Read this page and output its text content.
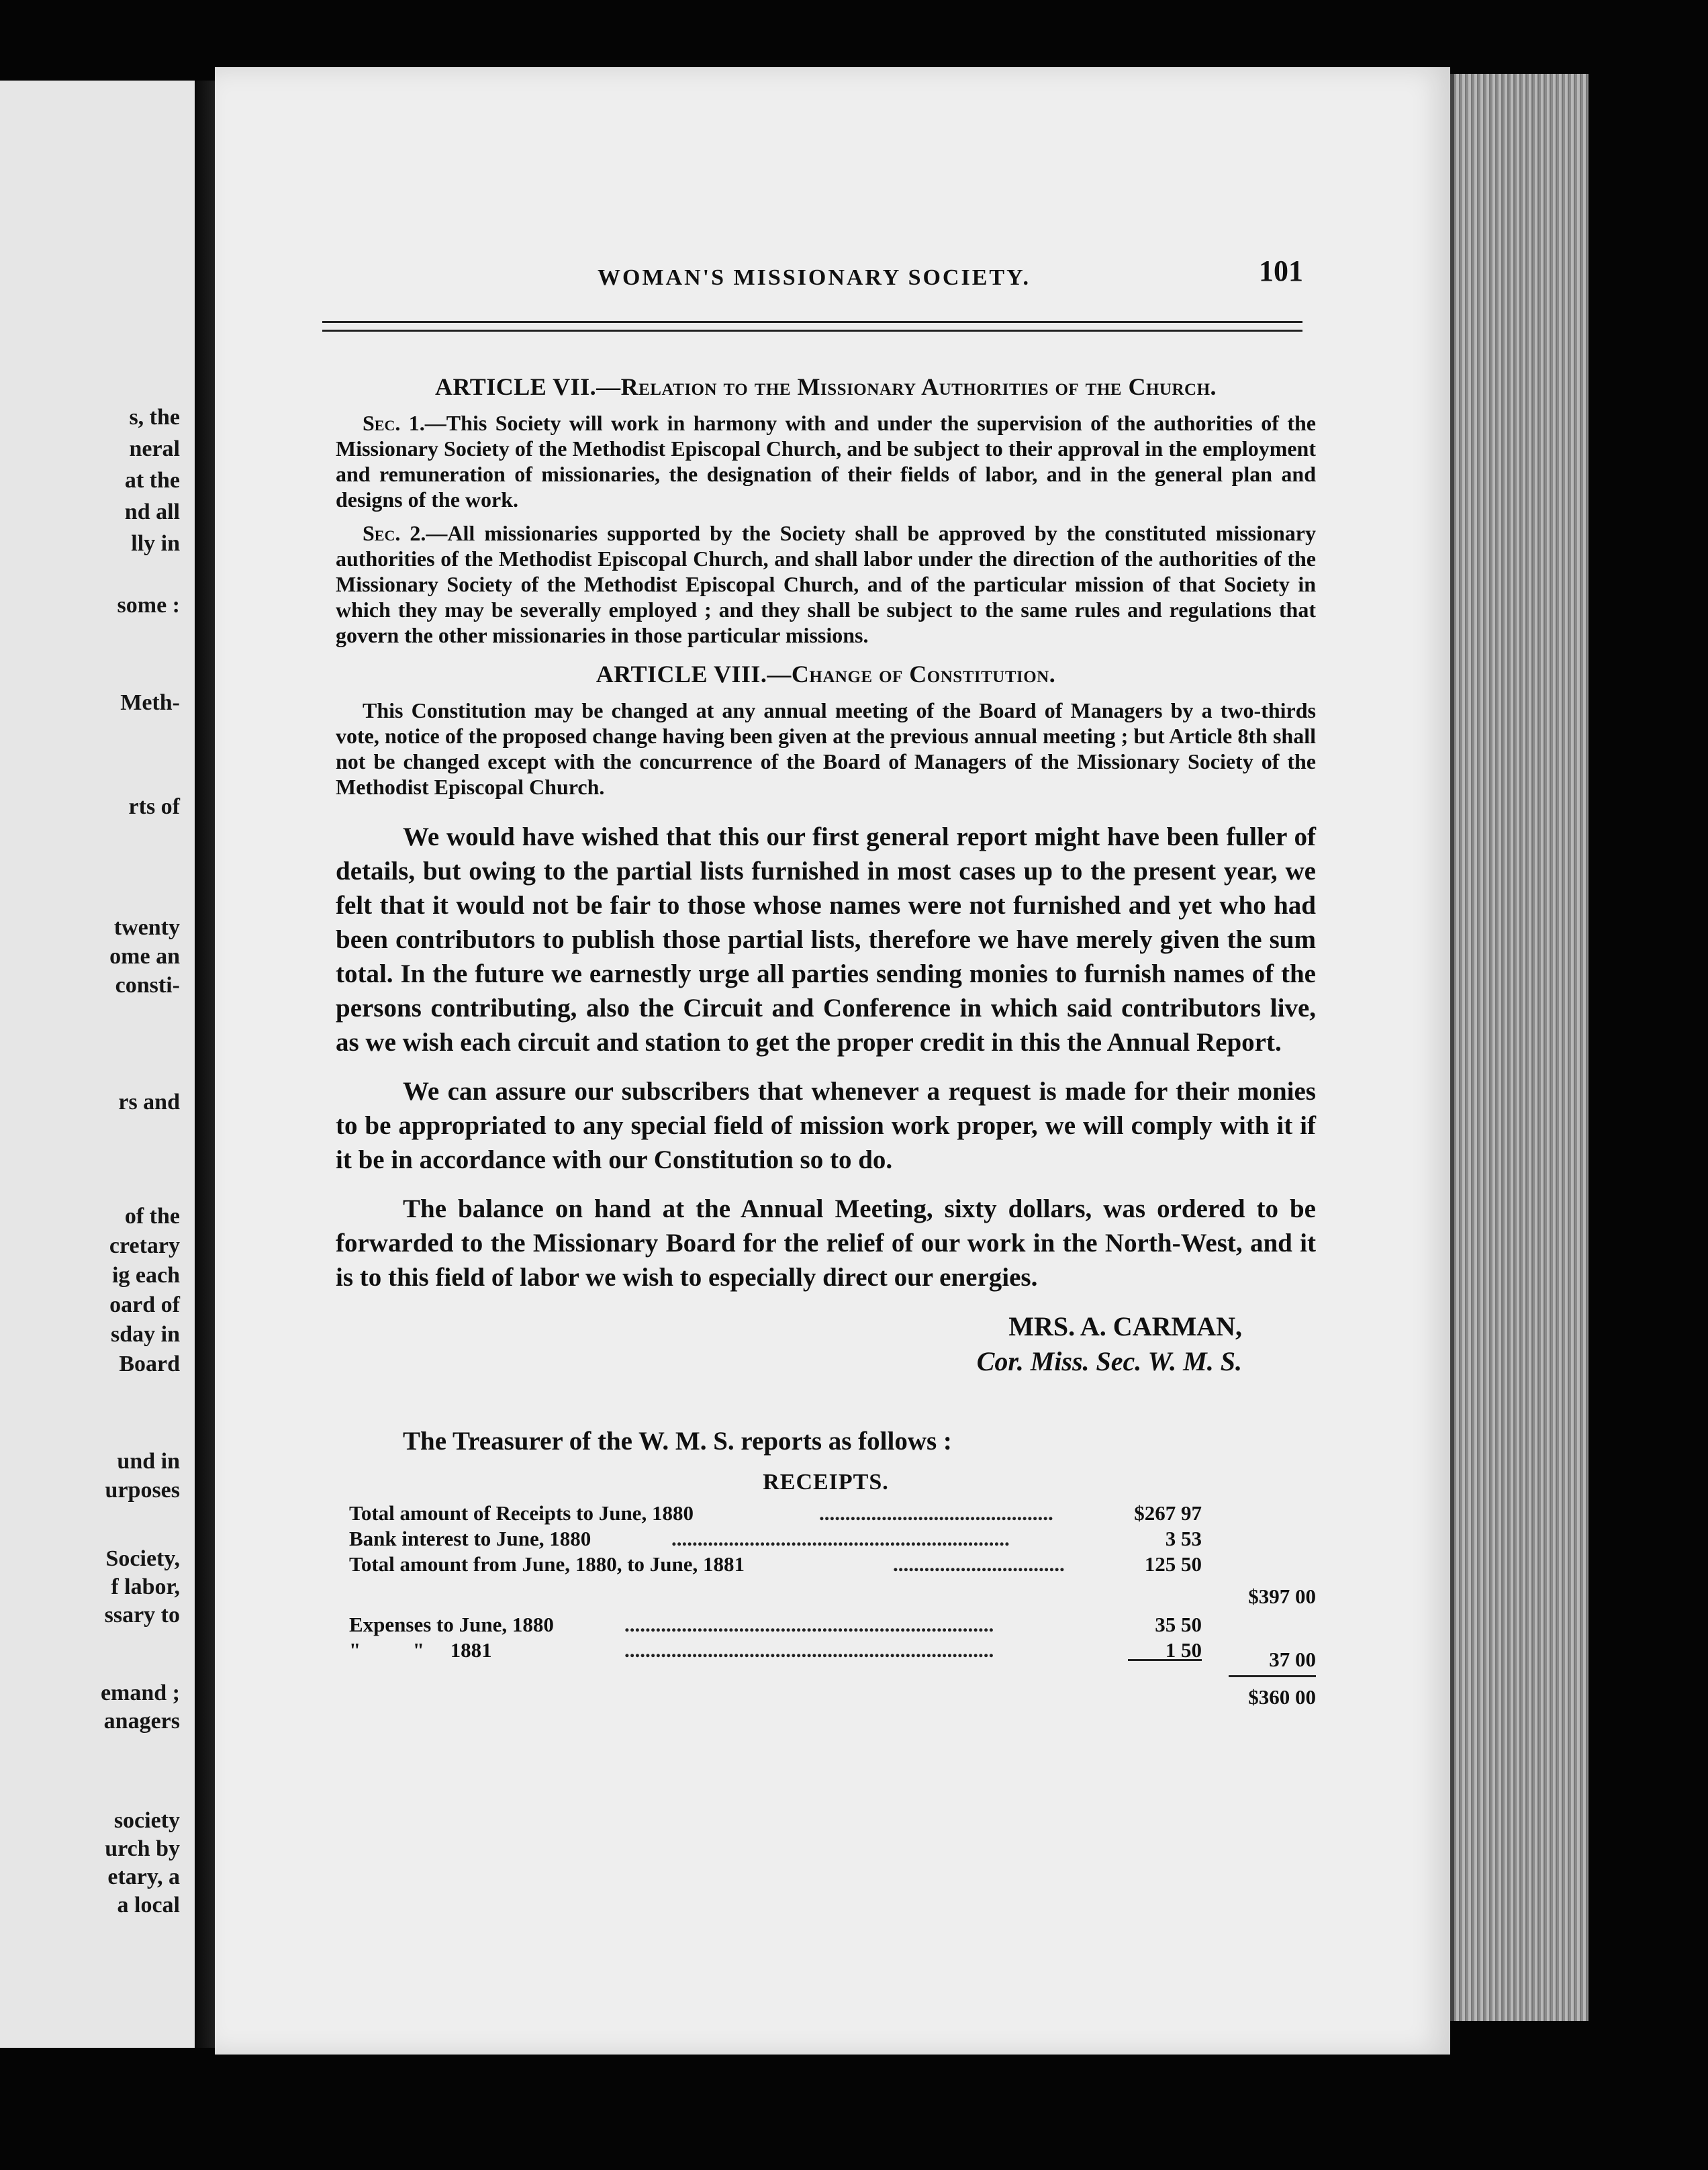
s, the
neral
at the
nd all
lly in
some :
Meth-
rts of
twenty
ome an
consti-
rs and
of the
cretary
ig each
oard of
sday in
Board
und in
urposes
Society,
f labor,
ssary to
emand ;
anagers
society
urch by
etary, a
a local
WOMAN'S MISSIONARY SOCIETY.	101
ARTICLE VII.—Relation to the Missionary Authorities of the Church.

Sec. 1.—This Society will work in harmony with and under the supervision of the authorities of the Missionary Society of the Methodist Episcopal Church, and be subject to their approval in the employment and remuneration of missionaries, the designation of their fields of labor, and in the general plan and designs of the work.

Sec. 2.—All missionaries supported by the Society shall be approved by the constituted missionary authorities of the Methodist Episcopal Church, and shall labor under the direction of the authorities of the Missionary Society of the Methodist Episcopal Church, and of the particular mission of that Society in which they may be severally employed ; and they shall be subject to the same rules and regulations that govern the other missionaries in those particular missions.

ARTICLE VIII.—Change of Constitution.

This Constitution may be changed at any annual meeting of the Board of Managers by a two-thirds vote, notice of the proposed change having been given at the previous annual meeting ; but Article 8th shall not be changed except with the concurrence of the Board of Managers of the Missionary Society of the Methodist Episcopal Church.

We would have wished that this our first general report might have been fuller of details, but owing to the partial lists furnished in most cases up to the present year, we felt that it would not be fair to those whose names were not furnished and yet who had been contributors to publish those partial lists, therefore we have merely given the sum total. In the future we earnestly urge all parties sending monies to furnish names of the persons contributing, also the Circuit and Conference in which said contributors live, as we wish each circuit and station to get the proper credit in this the Annual Report.

We can assure our subscribers that whenever a request is made for their monies to be appropriated to any special field of mission work proper, we will comply with it if it be in accordance with our Constitution so to do.

The balance on hand at the Annual Meeting, sixty dollars, was ordered to be forwarded to the Missionary Board for the relief of our work in the North-West, and it is to this field of labor we wish to especially direct our energies.

MRS. A. CARMAN,
Cor. Miss. Sec. W. M. S.
The Treasurer of the W. M. S. reports as follows :
RECEIPTS.
Total amount of Receipts to June, 1880	.............................................	$267 97
Bank interest to June, 1880	.................................................................	3 53
Total amount from June, 1880, to June, 1881	.................................	125 50
$397 00
Expenses to June, 1880	.......................................................................	35 50
"          "     1881	.......................................................................	1 50	37 00
$360 00
